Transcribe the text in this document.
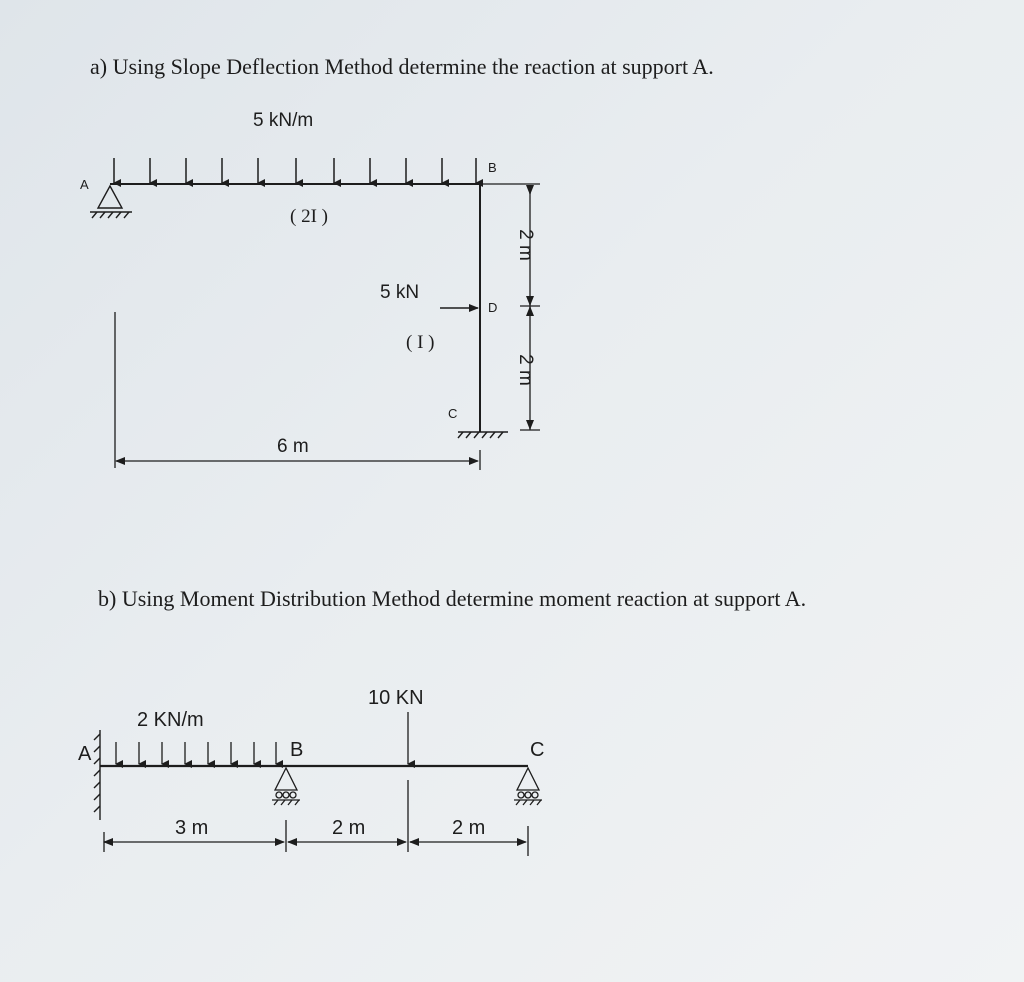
a) Using Slope Deflection Method determine the reaction at support A.
b) Using Moment Distribution Method determine moment reaction at support A.
5 kN/m
5 kN
A
B
D
C
( 2I )
( I )
2 m
2 m
6 m
2 KN/m
10 KN
A	B	C
3 m	2 m	2 m
